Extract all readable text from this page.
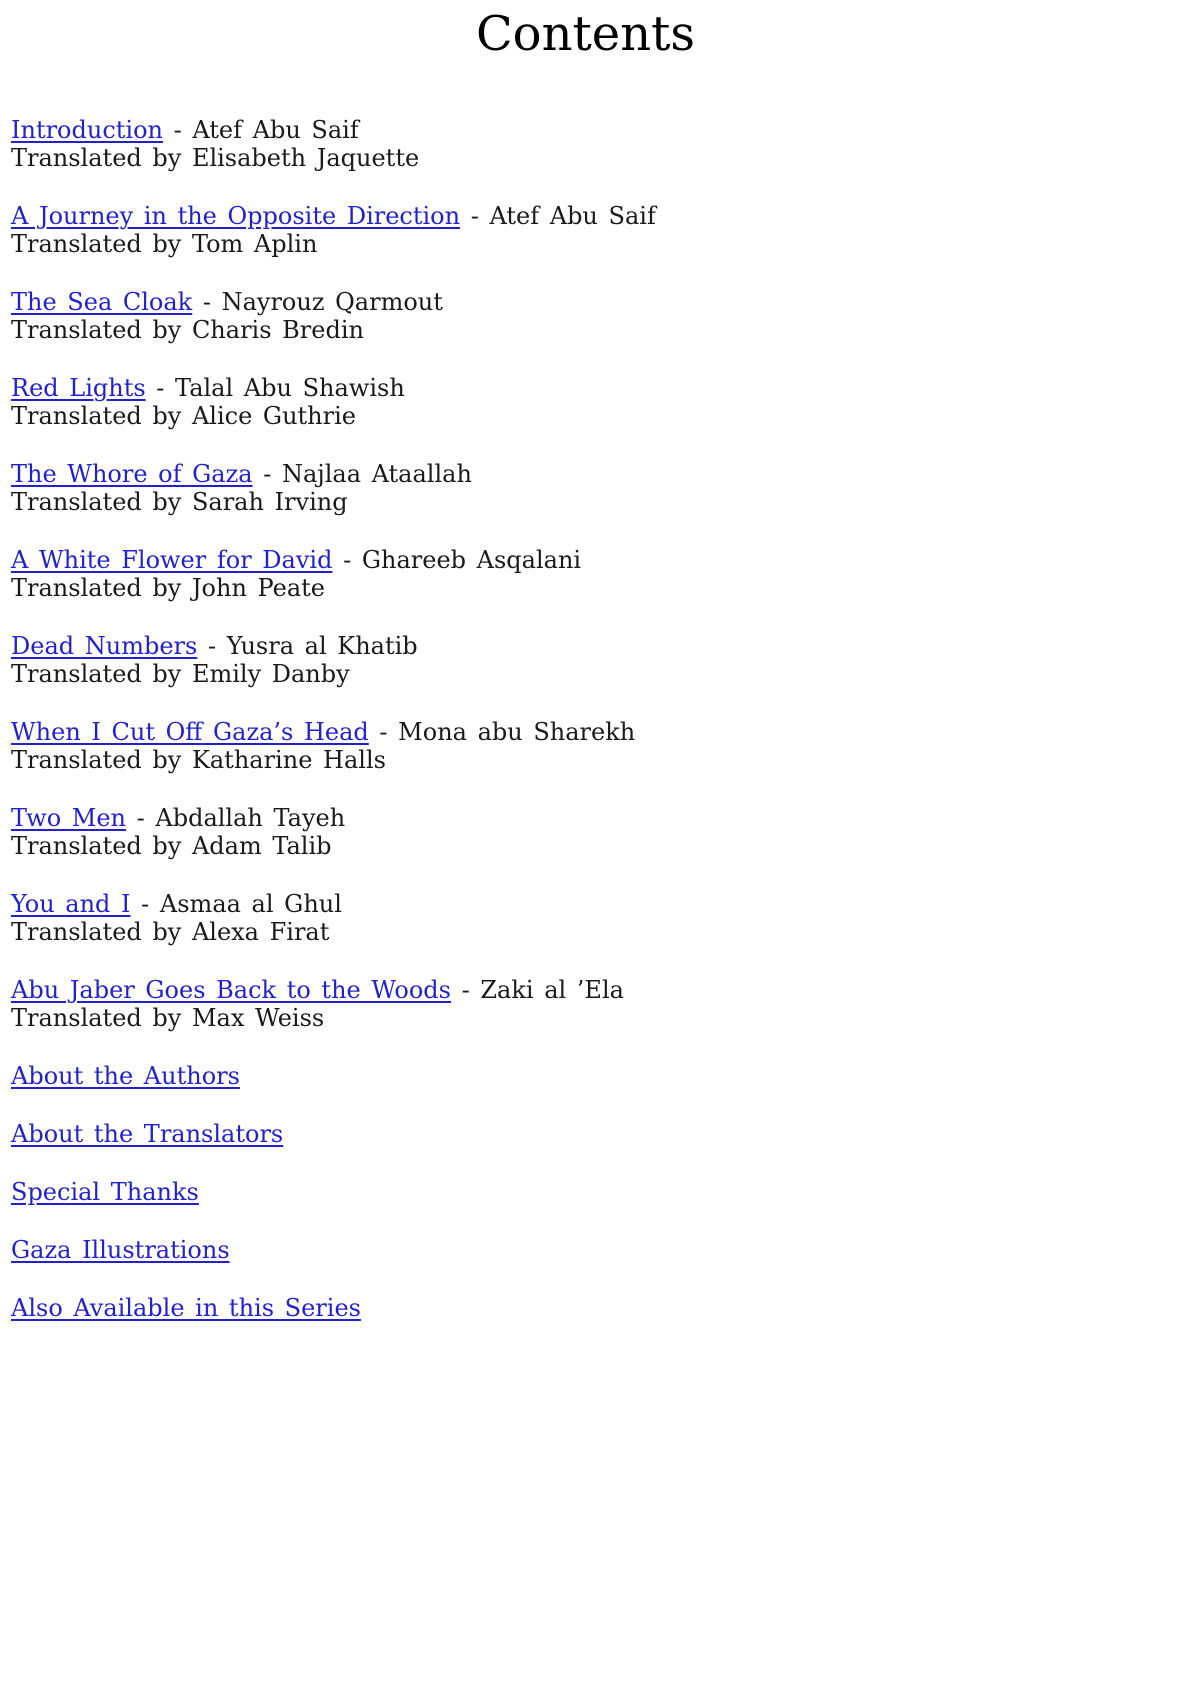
Contents

Introduction - Atef Abu Saif
Translated by Elisabeth Jaquette

A Journey in the Opposite Direction - Atef Abu Saif
Translated by Tom Aplin

The Sea Cloak - Nayrouz Qarmout
Translated by Charis Bredin

Red Lights - Talal Abu Shawish
Translated by Alice Guthrie

The Whore of Gaza - Najlaa Ataallah
Translated by Sarah Irving

A White Flower for David - Ghareeb Asqalani
Translated by John Peate

Dead Numbers - Yusra al Khatib
Translated by Emily Danby

When I Cut Off Gaza’s Head - Mona abu Sharekh
Translated by Katharine Halls

Two Men - Abdallah Tayeh
Translated by Adam Talib

You and I - Asmaa al Ghul
Translated by Alexa Firat

Abu Jaber Goes Back to the Woods - Zaki al ’Ela
Translated by Max Weiss

About the Authors

About the Translators

Special Thanks

Gaza Illustrations

Also Available in this Series
